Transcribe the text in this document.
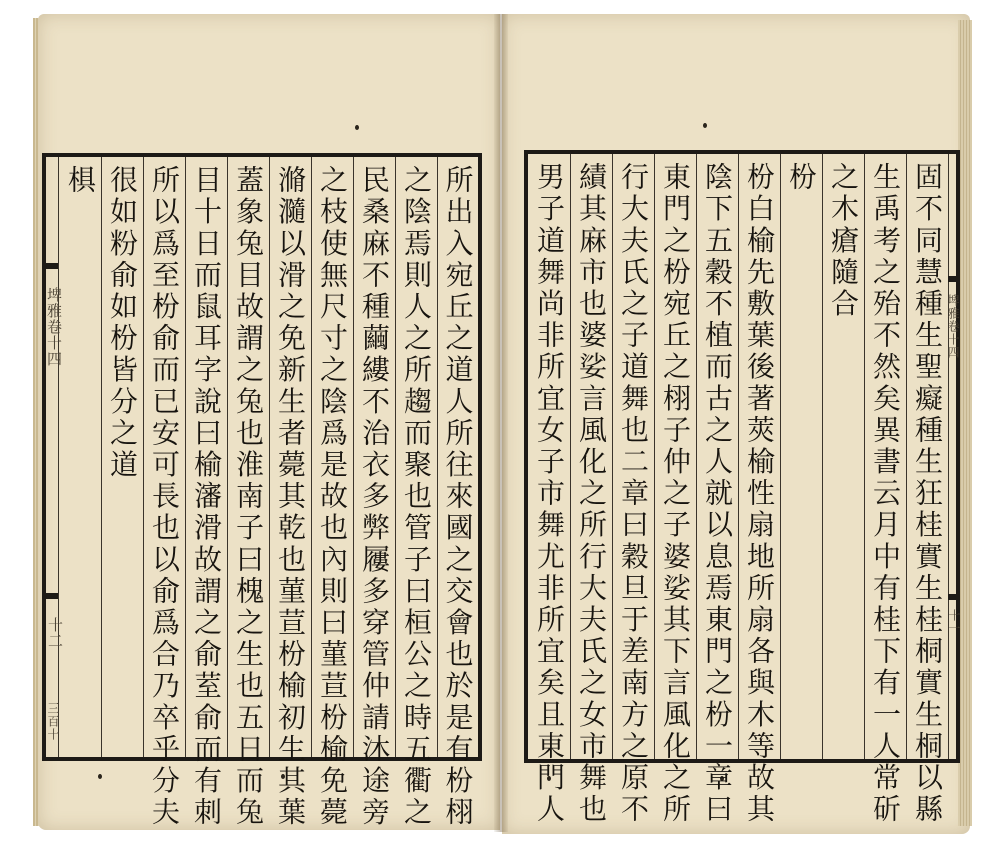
埤雅卷十四
十二
三百十
椇 很如粉俞如枌皆分之道 所以爲至枌俞而已安可長也以俞爲合乃卒乎分夫 目十日而鼠耳字說曰榆瀋滑故謂之俞荎俞而有刺 蓋象兔目故謂之兔也淮南子曰槐之生也五日而兔 滫瀡以滑之免新生者薨其乾也菫荁枌榆初生其葉 之枝使無尺寸之陰爲是故也內則曰菫荁枌榆免薨 民桑麻不種繭縷不治衣多弊屨多穿管仲請沐途旁 之陰焉則人之所趨而聚也管子曰桓公之時五衢之 所出入宛丘之道人所往來國之交會也於是有枌栩 男子道舞尚非所宜女子市舞尤非所宜矣且東門人 績其麻市也婆娑言風化之所行大夫氏之女市舞也 行大夫氏之子道舞也二章曰穀旦于差南方之原不 東門之枌宛丘之栩子仲之子婆娑其下言風化之所 陰下五穀不植而古之人就以息焉東門之枌一章曰 枌白榆先敷葉後著莢榆性扇地所扇各與木等故其 枌 之木瘡隨合 生禹考之殆不然矣異書云月中有桂下有一人常斫 固不同慧種生聖癡種生狂桂實生桂桐實生桐以縣 埤雅卷十四
十一
